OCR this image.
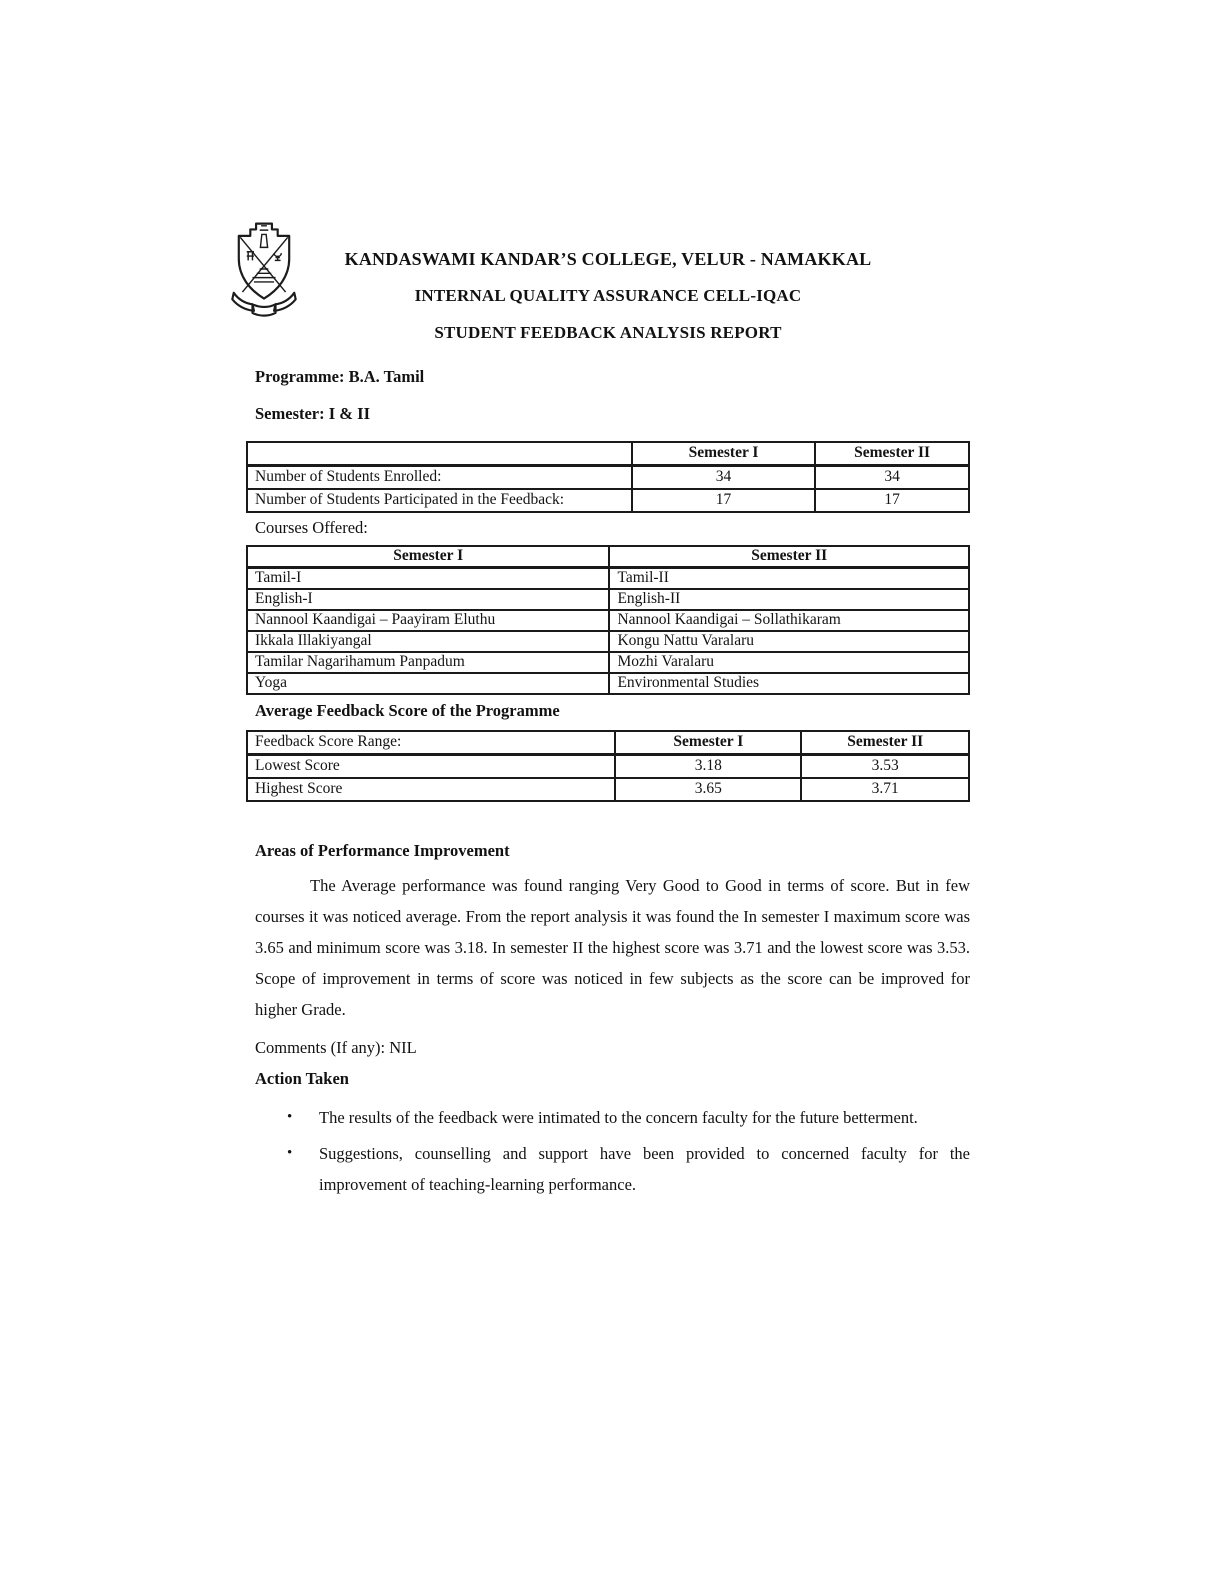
KANDASWAMI KANDAR’S COLLEGE, VELUR - NAMAKKAL
INTERNAL QUALITY ASSURANCE CELL-IQAC
STUDENT FEEDBACK ANALYSIS REPORT
Programme: B.A. Tamil
Semester: I & II
	Semester I	Semester II
Number of Students Enrolled:	34	34
Number of Students Participated in the Feedback:	17	17
Courses Offered:
Semester I	Semester II
Tamil-I	Tamil-II
English-I	English-II
Nannool Kaandigai – Paayiram Eluthu	Nannool Kaandigai – Sollathikaram
Ikkala Illakiyangal	Kongu Nattu Varalaru
Tamilar Nagarihamum Panpadum	Mozhi Varalaru
Yoga	Environmental Studies
Average Feedback Score of the Programme
Feedback Score Range:	Semester I	Semester II
Lowest Score	3.18	3.53
Highest Score	3.65	3.71
Areas of Performance Improvement

The Average performance was found ranging Very Good to Good in terms of score. But in few courses it was noticed average. From the report analysis it was found the In semester I maximum score was 3.65 and minimum score was 3.18. In semester II the highest score was 3.71 and the lowest score was 3.53. Scope of improvement in terms of score was noticed in few subjects as the score can be improved for higher Grade.

Comments (If any): NIL
Action Taken
• The results of the feedback were intimated to the concern faculty for the future betterment.
• Suggestions, counselling and support have been provided to concerned faculty for the improvement of teaching-learning performance.
